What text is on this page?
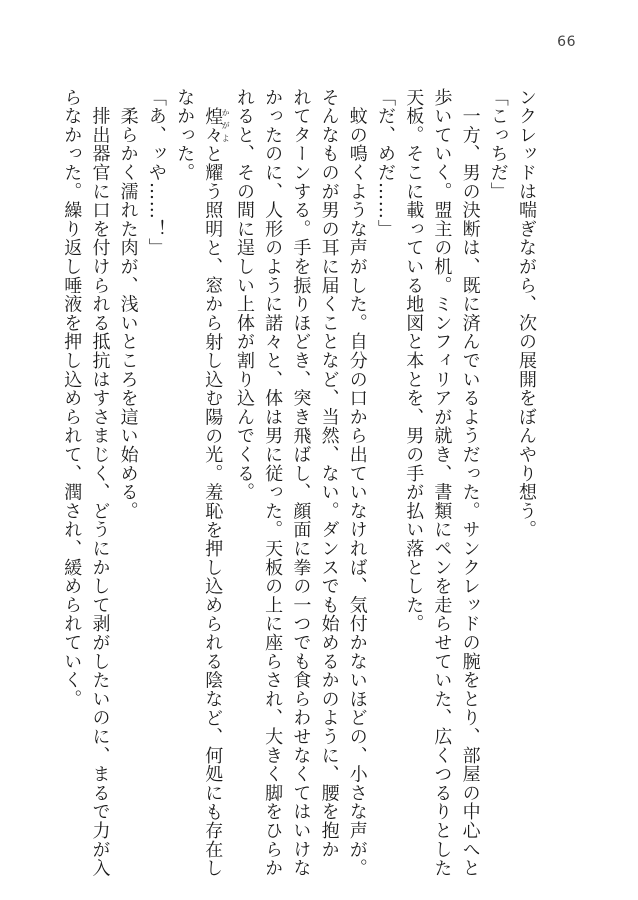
66

ンクレッドは喘ぎながら、次の展開をぼんやり想う。

「こっちだ」

　一方、男の決断は、既に済んでいるようだった。サンクレッドの腕をとり、部屋の中心へと

歩いていく。盟主の机。ミンフィリアが就き、書類にペンを走らせていた、広くつるりとした

天板。そこに載っている地図と本とを、男の手が払い落とした。

「だ、めだ……」

　蚊の鳴くような声がした。自分の口から出ていなければ、気付かないほどの、小さな声が。

そんなものが男の耳に届くことなど、当然、ない。ダンスでも始めるかのように、腰を抱か

れてターンする。手を振りほどき、突き飛ばし、顔面に拳の一つでも食らわせなくてはいけな

かったのに、人形のように諾々と、体は男に従った。天板の上に座らされ、大きく脚をひらか

れると、その間に逞しい上体が割り込んでくる。

　煌々かがよと耀う照明と、窓から射し込む陽の光。羞恥を押し込められる陰など、何処にも存在し

なかった。

「あ、ッや……！」

　柔らかく濡れた肉が、浅いところを這い始める。

　排出器官に口を付けられる抵抗はすさまじく、どうにかして剥がしたいのに、まるで力が入

らなかった。繰り返し唾液を押し込められて、潤され、緩められていく。
